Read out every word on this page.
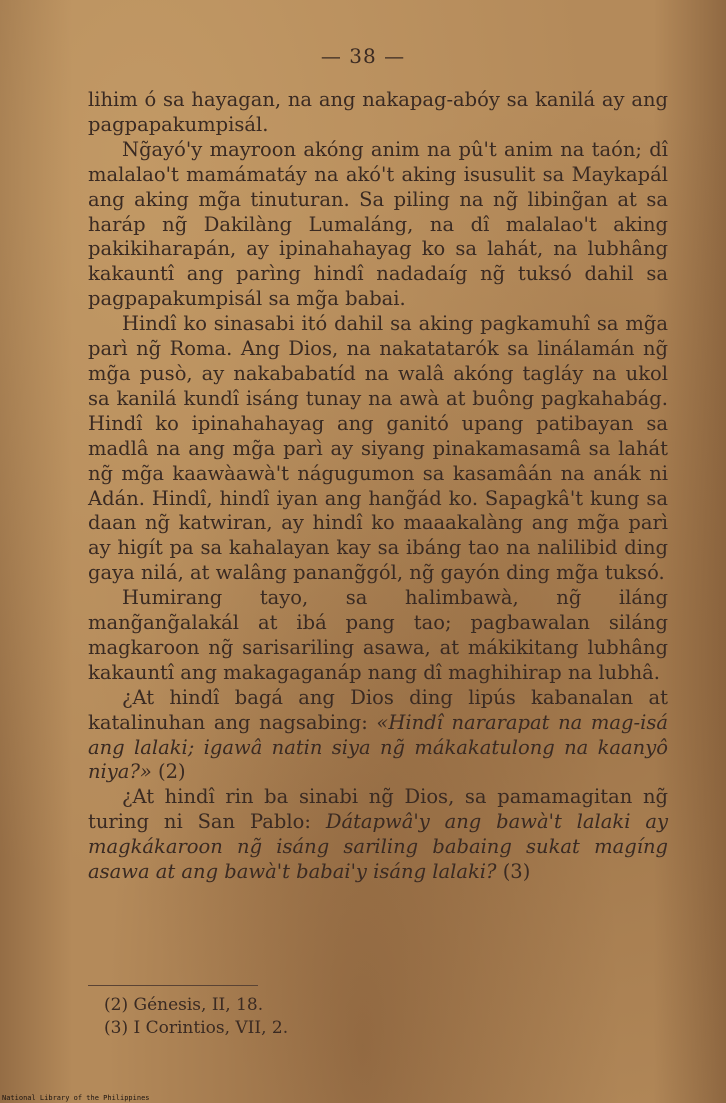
— 38 —

lihim ó sa hayagan, na ang nakapag-abóy sa kanilá ay ang pagpapakumpisál.

Ng̃ayó'y mayroon akóng anim na pû't anim na taón; dî malalao't mamámatáy na akó't aking isusulit sa Maykapál ang aking mg̃a tinuturan. Sa piling na ng̃ libing̃an at sa haráp ng̃ Dakilàng Lumaláng, na dî malalao't aking pakikiharapán, ay ipinahahayag ko sa lahát, na lubhâng kakauntî ang parìng hindî nadadaíg ng̃ tuksó dahil sa pagpapakumpisál sa mg̃a babai.

Hindî ko sinasabi itó dahil sa aking pagkamuhî sa mg̃a parì ng̃ Roma. Ang Dios, na nakatatarók sa linálamán ng̃ mg̃a pusò, ay nakababatíd na walâ akóng tagláy na ukol sa kanilá kundî isáng tunay na awà at buông pagkahabág. Hindî ko ipinahahayag ang ganitó upang patibayan sa madlâ na ang mg̃a parì ay siyang pinakamasamâ sa lahát ng̃ mg̃a kaawàawà't nágugumon sa kasamâán na anák ni Adán. Hindî, hindî iyan ang hang̃ád ko. Sapagkâ't kung sa daan ng̃ katwiran, ay hindî ko maaakalàng ang mg̃a parì ay higít pa sa kahalayan kay sa ibáng tao na nalilibid ding gaya nilá, at walâng panang̃gól, ng̃ gayón ding mg̃a tuksó.

Humirang tayo, sa halimbawà, ng̃ iláng mang̃ang̃alakál at ibá pang tao; pagbawalan siláng magkaroon ng̃ sarisariling asawa, at mákikitang lubhâng kakauntî ang makagaganáp nang dî maghihirap na lubhâ.

¿At hindî bagá ang Dios ding lipús kabanalan at katalinuhan ang nagsabing: «Hindî nararapat na mag-isá ang lalaki; igawâ natin siya ng̃ mákakatulong na kaanyô niya?» (2)

¿At hindî rin ba sinabi ng̃ Dios, sa pamamagitan ng̃ turing ni San Pablo: Dátapwâ'y ang bawà't lalaki ay magkákaroon ng̃ isáng sariling babaing sukat magíng asawa at ang bawà't babai'y isáng lalaki? (3)

(2) Génesis, II, 18.
(3) I Corintios, VII, 2.
National Library of the Philippines
